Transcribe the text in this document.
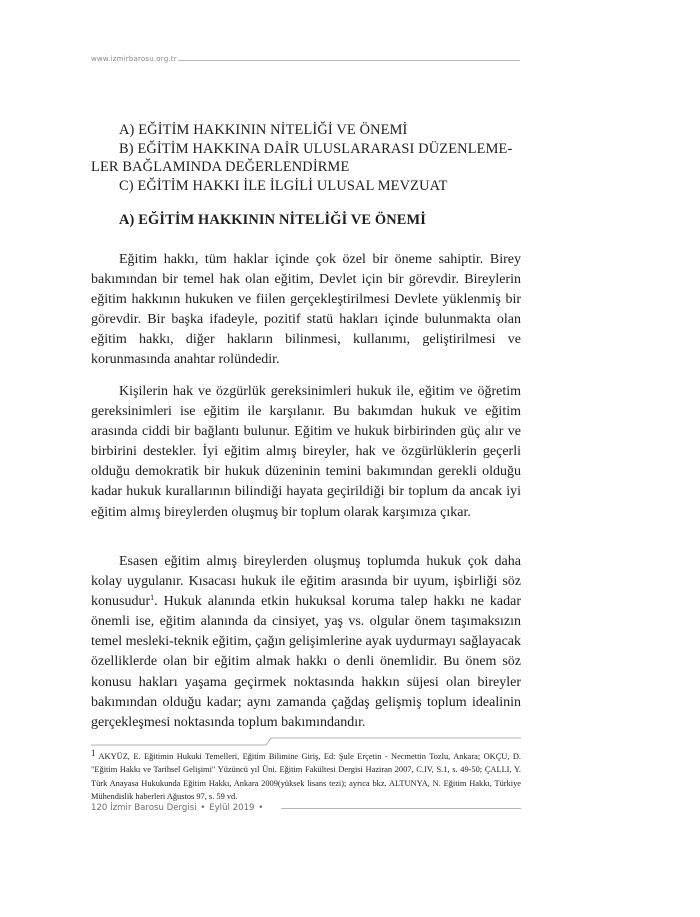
www.izmirbarosu.org.tr
A) EĞİTİM HAKKININ NİTELİĞİ VE ÖNEMİ
B) EĞİTİM HAKKINA DAİR ULUSLARARASI DÜZENLEME-
LER BAĞLAMINDA DEĞERLENDİRME
C) EĞİTİM HAKKI İLE İLGİLİ ULUSAL MEVZUAT
A) EĞİTİM HAKKININ NİTELİĞİ VE ÖNEMİ

Eğitim hakkı, tüm haklar içinde çok özel bir öneme sahiptir. Birey bakımından bir temel hak olan eğitim, Devlet için bir görevdir. Bireylerin eğitim hakkının hukuken ve fiilen gerçekleştirilmesi Devlete yüklenmiş bir görevdir. Bir başka ifadeyle, pozitif statü hakları içinde bulunmakta olan eğitim hakkı, diğer hakların bilinmesi, kullanımı, geliştirilmesi ve korunmasında anahtar rolündedir.

Kişilerin hak ve özgürlük gereksinimleri hukuk ile, eğitim ve öğretim gereksinimleri ise eğitim ile karşılanır. Bu bakımdan hukuk ve eğitim arasında ciddi bir bağlantı bulunur. Eğitim ve hukuk birbirinden güç alır ve birbirini destekler. İyi eğitim almış bireyler, hak ve özgürlüklerin geçerli olduğu demokratik bir hukuk düzeninin temini bakımından gerekli olduğu kadar hukuk kurallarının bilindiği hayata geçirildiği bir toplum da ancak iyi eğitim almış bireylerden oluşmuş bir toplum olarak karşımıza çıkar.

Esasen eğitim almış bireylerden oluşmuş toplumda hukuk çok daha kolay uygulanır. Kısacası hukuk ile eğitim arasında bir uyum, işbirliği söz konusudur$^1$. Hukuk alanında etkin hukuksal koruma talep hakkı ne kadar önemli ise, eğitim alanında da cinsiyet, yaş vs. olgular önem taşımaksızın temel mesleki-teknik eğitim, çağın gelişimlerine ayak uydurmayı sağlayacak özelliklerde olan bir eğitim almak hakkı o denli önemlidir. Bu önem söz konusu hakları yaşama geçirmek noktasında hakkın süjesi olan bireyler bakımından olduğu kadar; aynı zamanda çağdaş gelişmiş toplum idealinin gerçekleşmesi noktasında toplum bakımındandır.

1 AKYÜZ, E. Eğitimin Hukuki Temelleri, Eğitim Bilimine Giriş, Ed: Şule Erçetin - Necmettin Tozlu, Ankara; OKÇU, D. "Eğitim Hakkı ve Tarihsel Gelişimi" Yüzüncü yıl Üni. Eğitim Fakültesi Dergisi Haziran 2007, C.IV, S.1, s. 49-50; ÇALLI, Y. Türk Anayasa Hukukunda Eğitim Hakkı, Ankara 2009(yüksek lisans tezi); ayrıca bkz. ALTUNYA, N. Eğitim Hakkı, Türkiye Mühendislik haberleri Ağustos 97, s. 59 vd.
120 İzmir Barosu Dergisi • Eylül 2019 •
